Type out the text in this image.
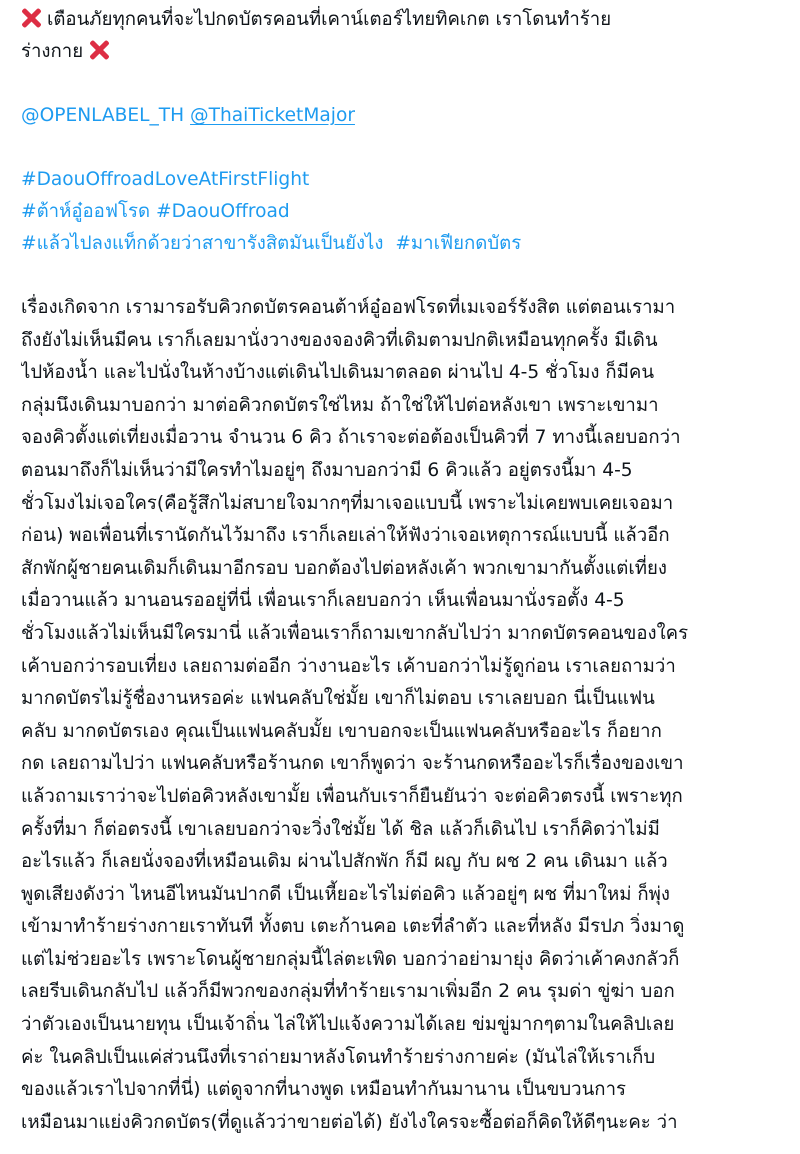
เตือนภัยทุกคนที่จะไปกดบัตรคอนที่เคาน์เตอร์ไทยทิคเกต เราโดนทำร้าย
ร่างกาย
@OPENLABEL_TH @ThaiTicketMajor
#DaouOffroadLoveAtFirstFlight
#ต้าห์อู๋ออฟโรด #DaouOffroad
#แล้วไปลงแท็กด้วยว่าสาขารังสิตมันเป็นยังไง #มาเฟียกดบัตร
เรื่องเกิดจาก เรามารอรับคิวกดบัตรคอนต้าห์อู๋ออฟโรดที่เมเจอร์รังสิต แต่ตอนเรามา
ถึงยังไม่เห็นมีคน เราก็เลยมานั่งวางของจองคิวที่เดิมตามปกติเหมือนทุกครั้ง มีเดิน
ไปห้องน้ำ และไปนั่งในห้างบ้างแต่เดินไปเดินมาตลอด ผ่านไป 4-5 ชั่วโมง ก็มีคน
กลุ่มนึงเดินมาบอกว่า มาต่อคิวกดบัตรใช่ไหม ถ้าใช่ให้ไปต่อหลังเขา เพราะเขามา
จองคิวตั้งแต่เที่ยงเมื่อวาน จำนวน 6 คิว ถ้าเราจะต่อต้องเป็นคิวที่ 7 ทางนี้เลยบอกว่า
ตอนมาถึงก็ไม่เห็นว่ามีใครทำไมอยู่ๆ ถึงมาบอกว่ามี 6 คิวแล้ว อยู่ตรงนี้มา 4-5
ชั่วโมงไม่เจอใคร(คือรู้สึกไม่สบายใจมากๆที่มาเจอแบบนี้ เพราะไม่เคยพบเคยเจอมา
ก่อน) พอเพื่อนที่เรานัดกันไว้มาถึง เราก็เลยเล่าให้ฟังว่าเจอเหตุการณ์แบบนี้ แล้วอีก
สักพักผู้ชายคนเดิมก็เดินมาอีกรอบ บอกต้องไปต่อหลังเค้า พวกเขามากันตั้งแต่เที่ยง
เมื่อวานแล้ว มานอนรออยู่ที่นี่ เพื่อนเราก็เลยบอกว่า เห็นเพื่อนมานั่งรอตั้ง 4-5
ชั่วโมงแล้วไม่เห็นมีใครมานี่ แล้วเพื่อนเราก็ถามเขากลับไปว่า มากดบัตรคอนของใคร
เค้าบอกว่ารอบเที่ยง เลยถามต่ออีก ว่างานอะไร เค้าบอกว่าไม่รู้ดูก่อน เราเลยถามว่า
มากดบัตรไม่รู้ชื่องานหรอค่ะ แฟนคลับใช่มั้ย เขาก็ไม่ตอบ เราเลยบอก นี่เป็นแฟน
คลับ มากดบัตรเอง คุณเป็นแฟนคลับมั้ย เขาบอกจะเป็นแฟนคลับหรืออะไร ก็อยาก
กด เลยถามไปว่า แฟนคลับหรือร้านกด เขาก็พูดว่า จะร้านกดหรืออะไรก็เรื่องของเขา
แล้วถามเราว่าจะไปต่อคิวหลังเขามั้ย เพื่อนกับเราก็ยืนยันว่า จะต่อคิวตรงนี้ เพราะทุก
ครั้งที่มา ก็ต่อตรงนี้ เขาเลยบอกว่าจะวิ่งใช่มั้ย ได้ ชิล แล้วก็เดินไป เราก็คิดว่าไม่มี
อะไรแล้ว ก็เลยนั่งจองที่เหมือนเดิม ผ่านไปสักพัก ก็มี ผญ กับ ผช 2 คน เดินมา แล้ว
พูดเสียงดังว่า ไหนอีไหนมันปากดี เป็นเหี้ยอะไรไม่ต่อคิว แล้วอยู่ๆ ผช ที่มาใหม่ ก็พุ่ง
เข้ามาทำร้ายร่างกายเราทันที ทั้งตบ เตะก้านคอ เตะที่ลำตัว และที่หลัง มีรปภ วิ่งมาดู
แต่ไม่ช่วยอะไร เพราะโดนผู้ชายกลุ่มนี้ไล่ตะเพิด บอกว่าอย่ามายุ่ง คิดว่าเค้าคงกลัวก็
เลยรีบเดินกลับไป แล้วก็มีพวกของกลุ่มที่ทำร้ายเรามาเพิ่มอีก 2 คน รุมด่า ขู่ฆ่า บอก
ว่าตัวเองเป็นนายทุน เป็นเจ้าถิ่น ไล่ให้ไปแจ้งความได้เลย ข่มขู่มากๆตามในคลิปเลย
ค่ะ ในคลิปเป็นแค่ส่วนนึงที่เราถ่ายมาหลังโดนทำร้ายร่างกายค่ะ (มันไล่ให้เราเก็บ
ของแล้วเราไปจากที่นี่) แต่ดูจากที่นางพูด เหมือนทำกันมานาน เป็นขบวนการ
เหมือนมาแย่งคิวกดบัตร(ที่ดูแล้วว่าขายต่อได้) ยังไงใครจะซื้อต่อก็คิดให้ดีๆนะคะ ว่า
